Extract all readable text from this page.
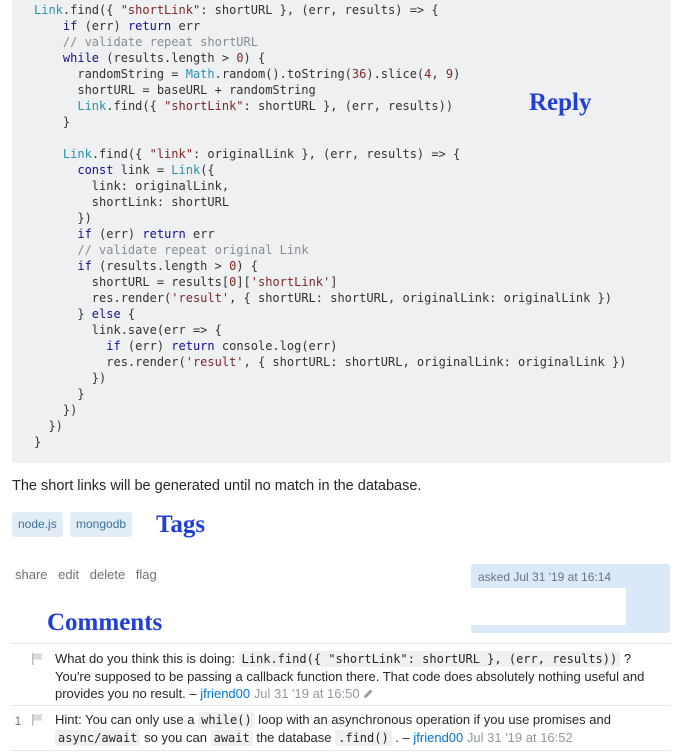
Link.find({ "shortLink": shortURL }, (err, results) => {
if (err) return err
// validate repeat shortURL
while (results.length > 0) {
randomString = Math.random().toString(36).slice(4, 9)
shortURL = baseURL + randomString
Link.find({ "shortLink": shortURL }, (err, results))
}
Link.find({ "link": originalLink }, (err, results) => {
const link = Link({
link: originalLink,
shortLink: shortURL
})
if (err) return err
// validate repeat original Link
if (results.length > 0) {
shortURL = results[0]['shortLink']
res.render('result', { shortURL: shortURL, originalLink: originalLink })
} else {
link.save(err => {
if (err) return console.log(err)
res.render('result', { shortURL: shortURL, originalLink: originalLink })
})
}
})
})
}
Reply
The short links will be generated until no match in the database.
node.js	mongodb Tags
share edit delete flag	asked Jul 31 '19 at 16:14
Comments
What do you think this is doing: Link.find({ "shortLink": shortURL }, (err, results)) ? You're supposed to be passing a callback function there. That code does absolutely nothing useful and provides you no result. – jfriend00 Jul 31 '19 at 16:50
1	Hint: You can only use a while() loop with an asynchronous operation if you use promises and async/await so you can await the database .find() . – jfriend00 Jul 31 '19 at 16:52
